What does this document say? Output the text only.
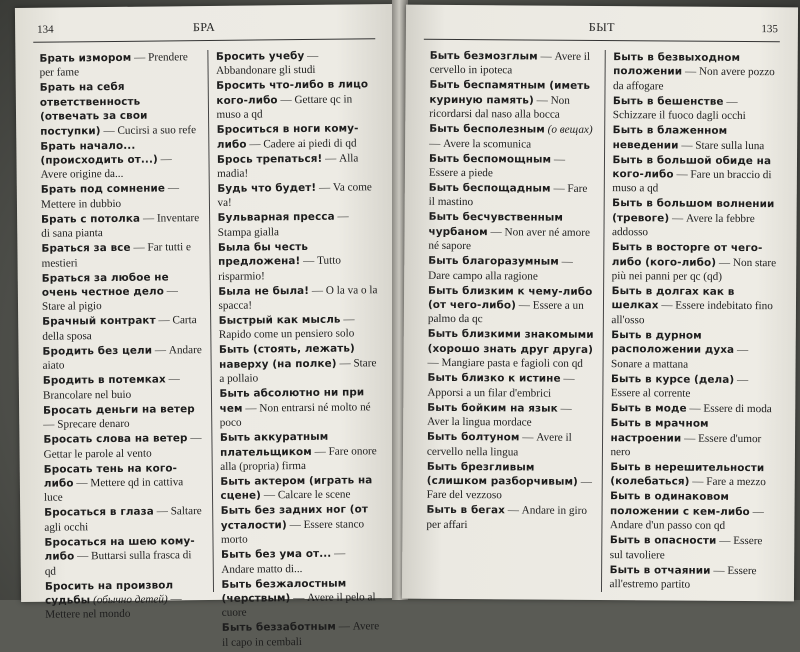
134	БРА

Брать измором — Prendere per fame

Брать на себя ответственность (отвечать за свои поступки) — Cucirsi a suo refe

Брать начало... (происходить от...) — Avere origine da...

Брать под сомнение — Mettere in dubbio

Брать с потолка — Inventare di sana pianta

Браться за все — Far tutti e mestieri

Браться за любое не очень честное дело — Stare al pigio

Брачный контракт — Carta della sposa

Бродить без цели — Andare aiato

Бродить в потемках — Brancolare nel buio

Бросать деньги на ветер — Sprecare denaro

Бросать слова на ветер — Gettar le parole al vento

Бросать тень на кого-либо — Mettere qd in cattiva luce

Бросаться в глаза — Saltare agli occhi

Бросаться на шею кому-либо — Buttarsi sulla frasca di qd

Бросить на произвол судьбы (обычно детей) — Mettere nel mondo

Бросить учебу — Abbandonare gli studi

Бросить что-либо в лицо кого-либо — Gettare qc in muso a qd

Броситься в ноги кому-либо — Cadere ai piedi di qd

Брось трепаться! — Alla madia!

Будь что будет! — Va come va!

Бульварная пресса — Stampa gialla

Была бы честь предложена! — Tutto risparmio!

Была не была! — O la va o la spacca!

Быстрый как мысль — Rapido come un pensiero solo

Быть (стоять, лежать) наверху (на полке) — Stare a pollaio

Быть абсолютно ни при чем — Non entrarsi né molto né poco

Быть аккуратным плательщиком — Fare onore alla (propria) firma

Быть актером (играть на сцене) — Calcare le scene

Быть без задних ног (от усталости) — Essere stanco morto

Быть без ума от... — Andare matto di...

Быть безжалостным (черствым) — Avere il pelo al cuore

Быть беззаботным — Avere il capo in cembali

БЫТ	135

Быть безмозглым — Avere il cervello in ipoteca

Быть беспамятным (иметь куриную память) — Non ricordarsi dal naso alla bocca

Быть бесполезным (о вещах) — Avere la scomunica

Быть беспомощным — Essere a piede

Быть беспощадным — Fare il mastino

Быть бесчувственным чурбаном — Non aver né amore né sapore

Быть благоразумным — Dare campo alla ragione

Быть близким к чему-либо (от чего-либо) — Essere a un palmo da qc

Быть близкими знакомыми (хорошо знать друг друга) — Mangiare pasta e fagioli con qd

Быть близко к истине — Apporsi a un filar d'embrici

Быть бойким на язык — Aver la lingua mordace

Быть болтуном — Avere il cervello nella lingua

Быть брезгливым (слишком разборчивым) — Fare del vezzoso

Быть в бегах — Andare in giro per affari

Быть в безвыходном положении — Non avere pozzo da affogare

Быть в бешенстве — Schizzare il fuoco dagli occhi

Быть в блаженном неведении — Stare sulla luna

Быть в большой обиде на кого-либо — Fare un braccio di muso a qd

Быть в большом волнении (тревоге) — Avere la febbre addosso

Быть в восторге от чего-либо (кого-либо) — Non stare più nei panni per qc (qd)

Быть в долгах как в шелках — Essere indebitato fino all'osso

Быть в дурном расположении духа — Sonare a mattana

Быть в курсе (дела) — Essere al corrente

Быть в моде — Essere di moda

Быть в мрачном настроении — Essere d'umor nero

Быть в нерешительности (колебаться) — Fare a mezzo

Быть в одинаковом положении с кем-либо — Andare d'un passo con qd

Быть в опасности — Essere sul tavoliere

Быть в отчаянии — Essere all'estremo partito
